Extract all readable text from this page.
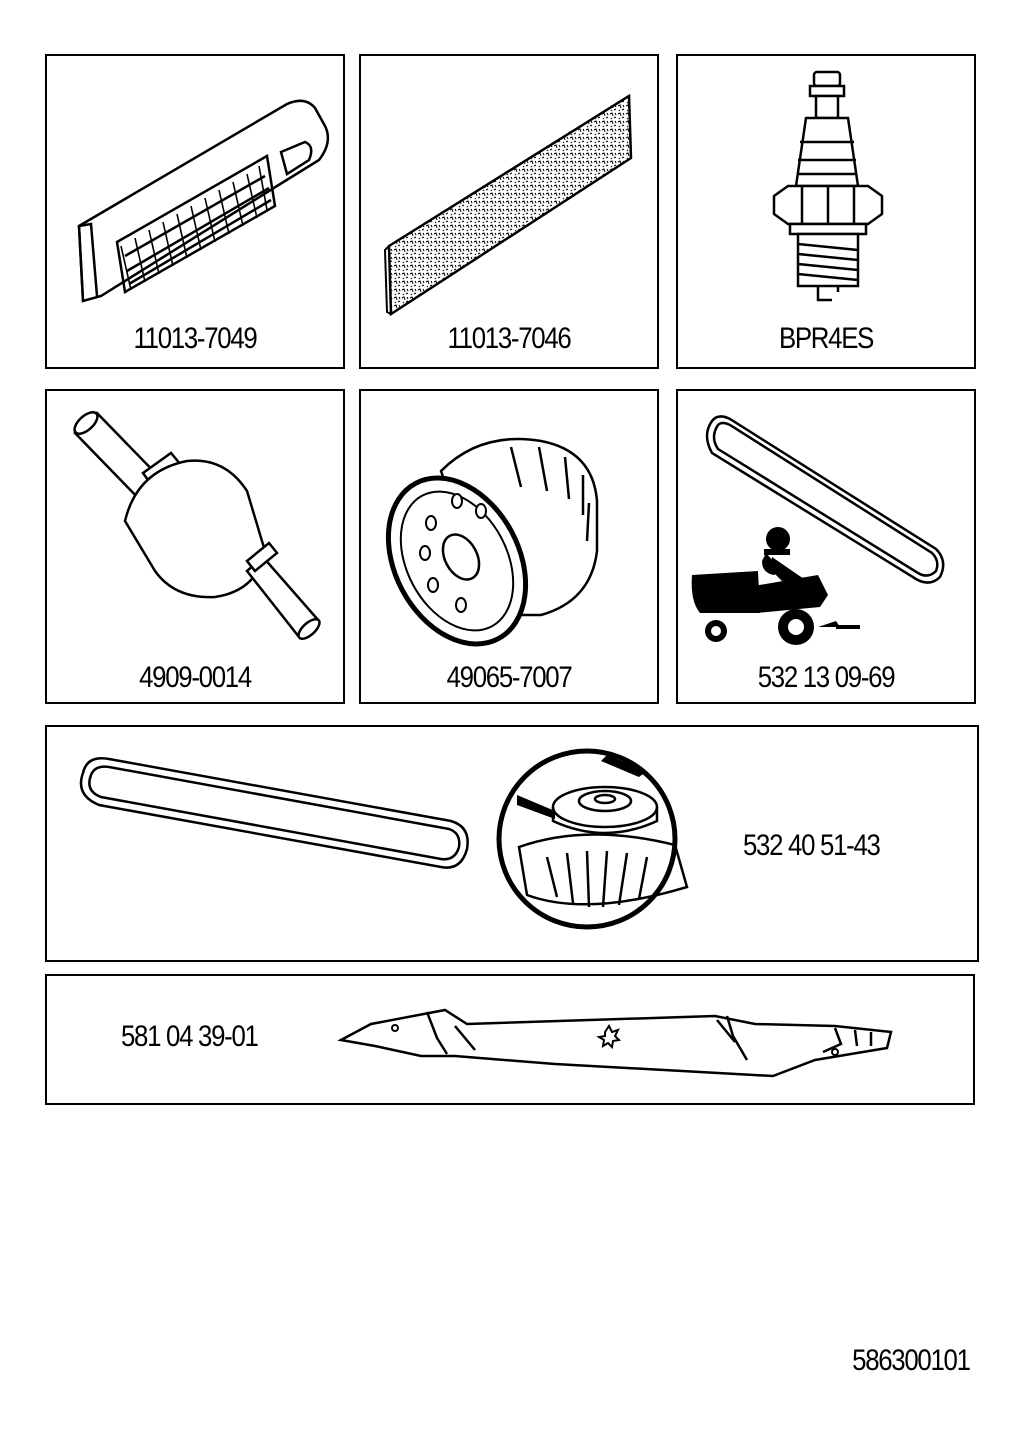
11013-7049	11013-7046	BPR4ES
4909-0014	49065-7007	532 13 09-69
532 40 51-43
581 04 39-01
586300101
